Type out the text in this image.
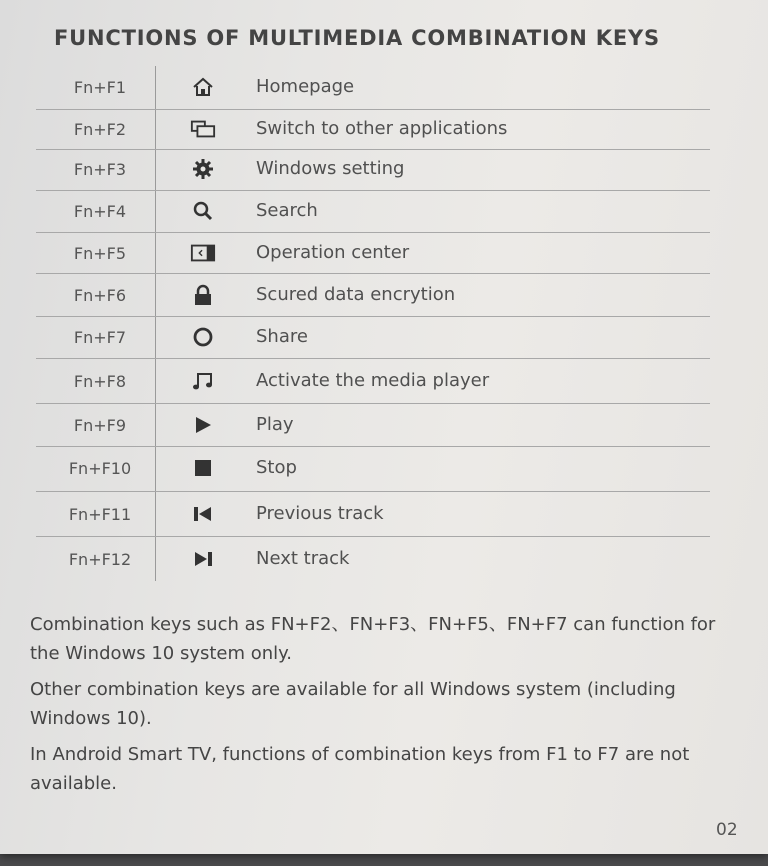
FUNCTIONS OF MULTIMEDIA COMBINATION KEYS
Fn+F1	Homepage
Fn+F2	Switch to other applications
Fn+F3	Windows setting
Fn+F4	Search
Fn+F5	Operation center
Fn+F6	Scured data encrytion
Fn+F7	Share
Fn+F8	Activate the media player
Fn+F9	Play
Fn+F10	Stop
Fn+F11	Previous track
Fn+F12	Next track

Combination keys such as FN+F2、FN+F3、FN+F5、FN+F7 can function for the Windows 10 system only.

Other combination keys are available for all Windows system (including Windows 10).

In Android Smart TV, functions of combination keys from F1 to F7 are not available.

02
